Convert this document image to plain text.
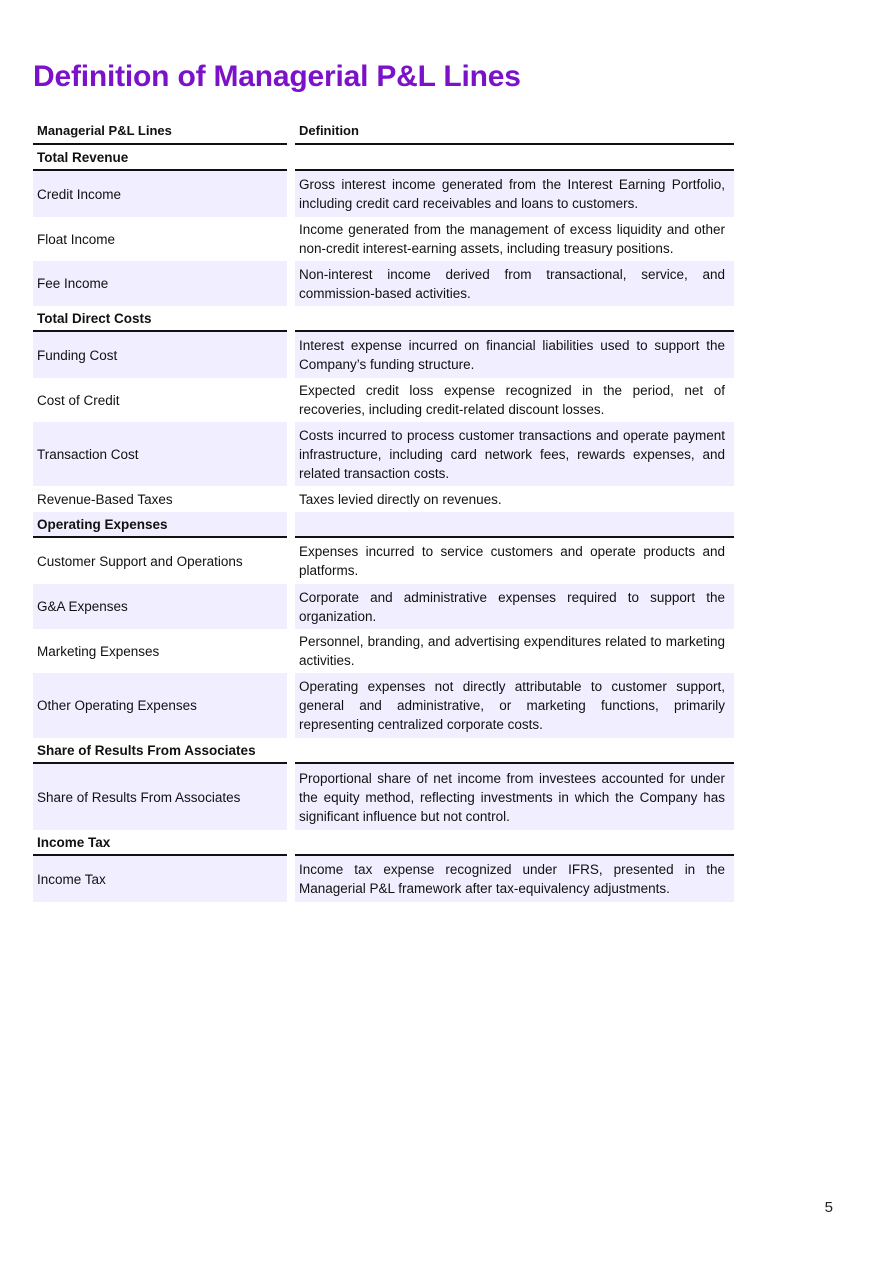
Definition of Managerial P&L Lines
Managerial P&L Lines	Definition
Total Revenue
Credit Income
Gross interest income generated from the Interest Earning Portfolio, including credit card receivables and loans to customers.
Float Income
Income generated from the management of excess liquidity and other non-credit interest-earning assets, including treasury positions.
Fee Income
Non-interest income derived from transactional, service, and commission-based activities.
Total Direct Costs
Funding Cost
Interest expense incurred on financial liabilities used to support the Company’s funding structure.
Cost of Credit
Expected credit loss expense recognized in the period, net of recoveries, including credit-related discount losses.
Transaction Cost
Costs incurred to process customer transactions and operate payment infrastructure, including card network fees, rewards expenses, and related transaction costs.
Revenue-Based Taxes	Taxes levied directly on revenues.
Operating Expenses
Customer Support and Operations
Expenses incurred to service customers and operate products and platforms.
G&A Expenses
Corporate and administrative expenses required to support the organization.
Marketing Expenses
Personnel, branding, and advertising expenditures related to marketing activities.
Other Operating Expenses
Operating expenses not directly attributable to customer support, general and administrative, or marketing functions, primarily representing centralized corporate costs.
Share of Results From Associates
Share of Results From Associates
Proportional share of net income from investees accounted for under the equity method, reflecting investments in which the Company has significant influence but not control.
Income Tax
Income Tax
Income tax expense recognized under IFRS, presented in the Managerial P&L framework after tax-equivalency adjustments.
5
